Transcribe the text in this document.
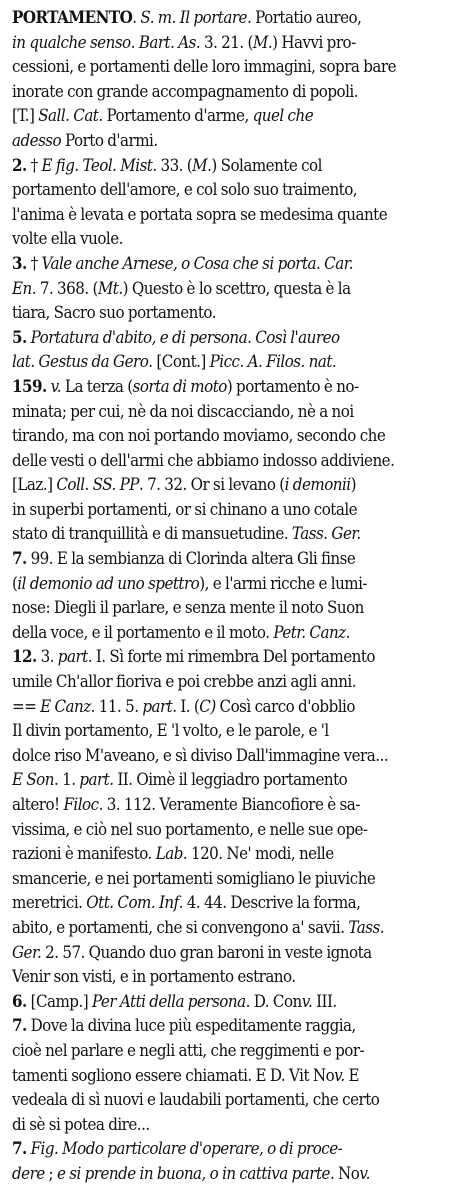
PORTAMENTO. S. m. Il portare. Portatio aureo,
in qualche senso. Bart. As. 3. 21. (M.) Havvi pro-
cessioni, e portamenti delle loro immagini, sopra bare
inorate con grande accompagnamento di popoli.
[T.] Sall. Cat. Portamento d'arme, quel che
adesso Porto d'armi.
2. † E fig. Teol. Mist. 33. (M.) Solamente col
portamento dell'amore, e col solo suo traimento,
l'anima è levata e portata sopra se medesima quante
volte ella vuole.
3. † Vale anche Arnese, o Cosa che si porta. Car.
En. 7. 368. (Mt.) Questo è lo scettro, questa è la
tiara, Sacro suo portamento.
5. Portatura d'abito, e di persona. Così l'aureo
lat. Gestus da Gero. [Cont.] Picc. A. Filos. nat.
159. v. La terza (sorta di moto) portamento è no-
minata; per cui, nè da noi discacciando, nè a noi
tirando, ma con noi portando moviamo, secondo che
delle vesti o dell'armi che abbiamo indosso addiviene.
[Laz.] Coll. SS. PP. 7. 32. Or si levano (i demonii)
in superbi portamenti, or si chinano a uno cotale
stato di tranquillità e di mansuetudine. Tass. Ger.
7. 99. E la sembianza di Clorinda altera Gli finse
(il demonio ad uno spettro), e l'armi ricche e lumi-
nose: Diegli il parlare, e senza mente il noto Suon
della voce, e il portamento e il moto. Petr. Canz.
12. 3. part. I. Sì forte mi rimembra Del portamento
umile Ch'allor fioriva e poi crebbe anzi agli anni.
== E Canz. 11. 5. part. I. (C) Così carco d'obblio
Il divin portamento, E 'l volto, e le parole, e 'l
dolce riso M'aveano, e sì diviso Dall'immagine vera...
E Son. 1. part. II. Oimè il leggiadro portamento
altero! Filoc. 3. 112. Veramente Biancofiore è sa-
vissima, e ciò nel suo portamento, e nelle sue ope-
razioni è manifesto. Lab. 120. Ne' modi, nelle
smancerie, e nei portamenti somigliano le piuviche
meretrici. Ott. Com. Inf. 4. 44. Descrive la forma,
abito, e portamenti, che si convengono a' savii. Tass.
Ger. 2. 57. Quando duo gran baroni in veste ignota
Venir son visti, e in portamento estrano.
6. [Camp.] Per Atti della persona. D. Conv. III.
7. Dove la divina luce più espeditamente raggia,
cioè nel parlare e negli atti, che reggimenti e por-
tamenti sogliono essere chiamati. E D. Vit Nov. E
vedeala di sì nuovi e laudabili portamenti, che certo
di sè si potea dire...
7. Fig. Modo particolare d'operare, o di proce-
dere ; e si prende in buona, o in cattiva parte. Nov.
